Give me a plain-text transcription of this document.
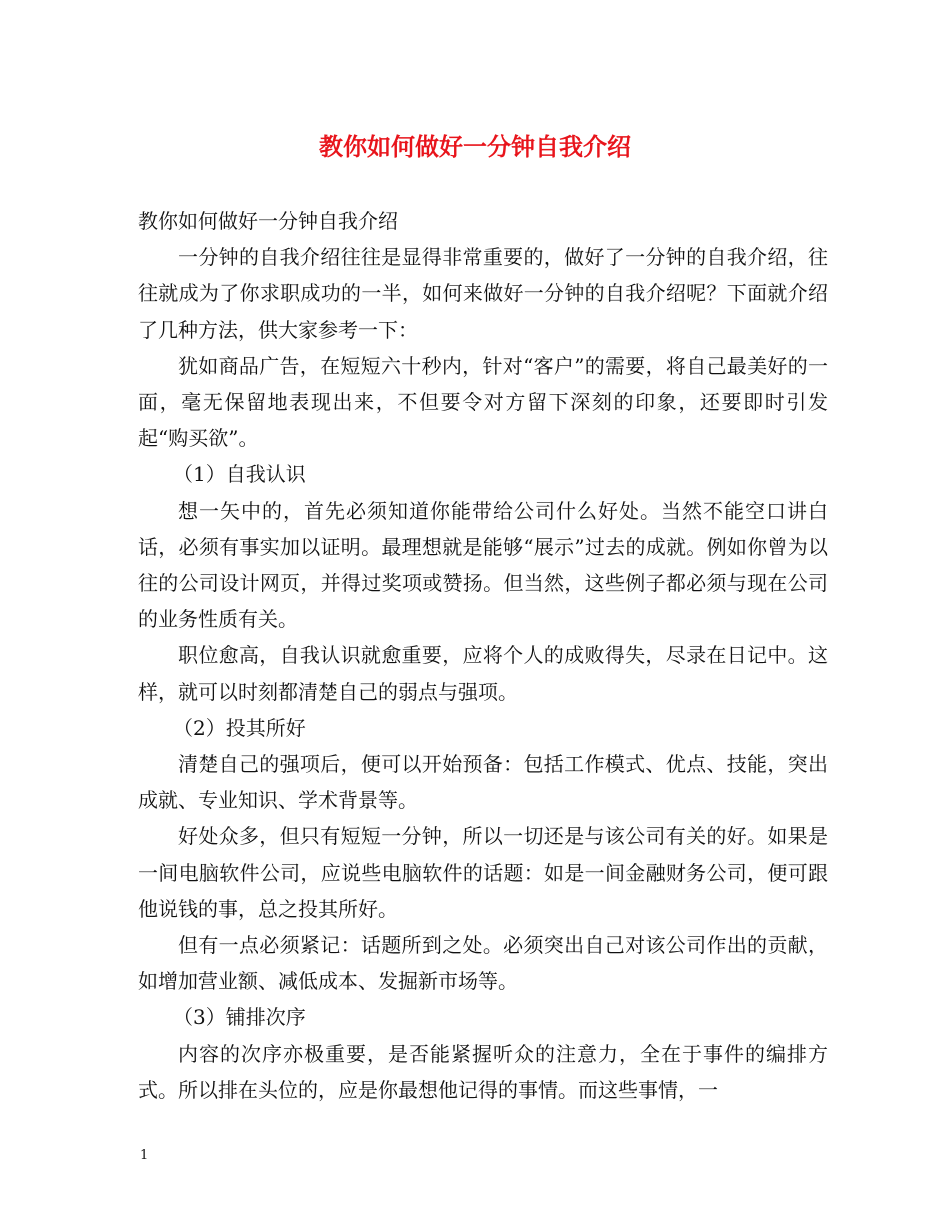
教你如何做好一分钟自我介绍

教你如何做好一分钟自我介绍

一分钟的自我介绍往往是显得非常重要的，做好了一分钟的自我介绍，往往就成为了你求职成功的一半，如何来做好一分钟的自我介绍呢？下面就介绍了几种方法，供大家参考一下：

犹如商品广告，在短短六十秒内，针对“客户”的需要，将自己最美好的一面，毫无保留地表现出来，不但要令对方留下深刻的印象，还要即时引发起“购买欲”。

（1）自我认识

想一矢中的，首先必须知道你能带给公司什么好处。当然不能空口讲白话，必须有事实加以证明。最理想就是能够“展示”过去的成就。例如你曾为以往的公司设计网页，并得过奖项或赞扬。但当然，这些例子都必须与现在公司的业务性质有关。

职位愈高，自我认识就愈重要，应将个人的成败得失，尽录在日记中。这样，就可以时刻都清楚自己的弱点与强项。

（2）投其所好

清楚自己的强项后，便可以开始预备：包括工作模式、优点、技能，突出成就、专业知识、学术背景等。

好处众多，但只有短短一分钟，所以一切还是与该公司有关的好。如果是一间电脑软件公司，应说些电脑软件的话题：如是一间金融财务公司，便可跟他说钱的事，总之投其所好。

但有一点必须紧记：话题所到之处。必须突出自己对该公司作出的贡献，如增加营业额、减低成本、发掘新市场等。

（3）铺排次序

内容的次序亦极重要，是否能紧握听众的注意力，全在于事件的编排方式。所以排在头位的，应是你最想他记得的事情。而这些事情，一

1
